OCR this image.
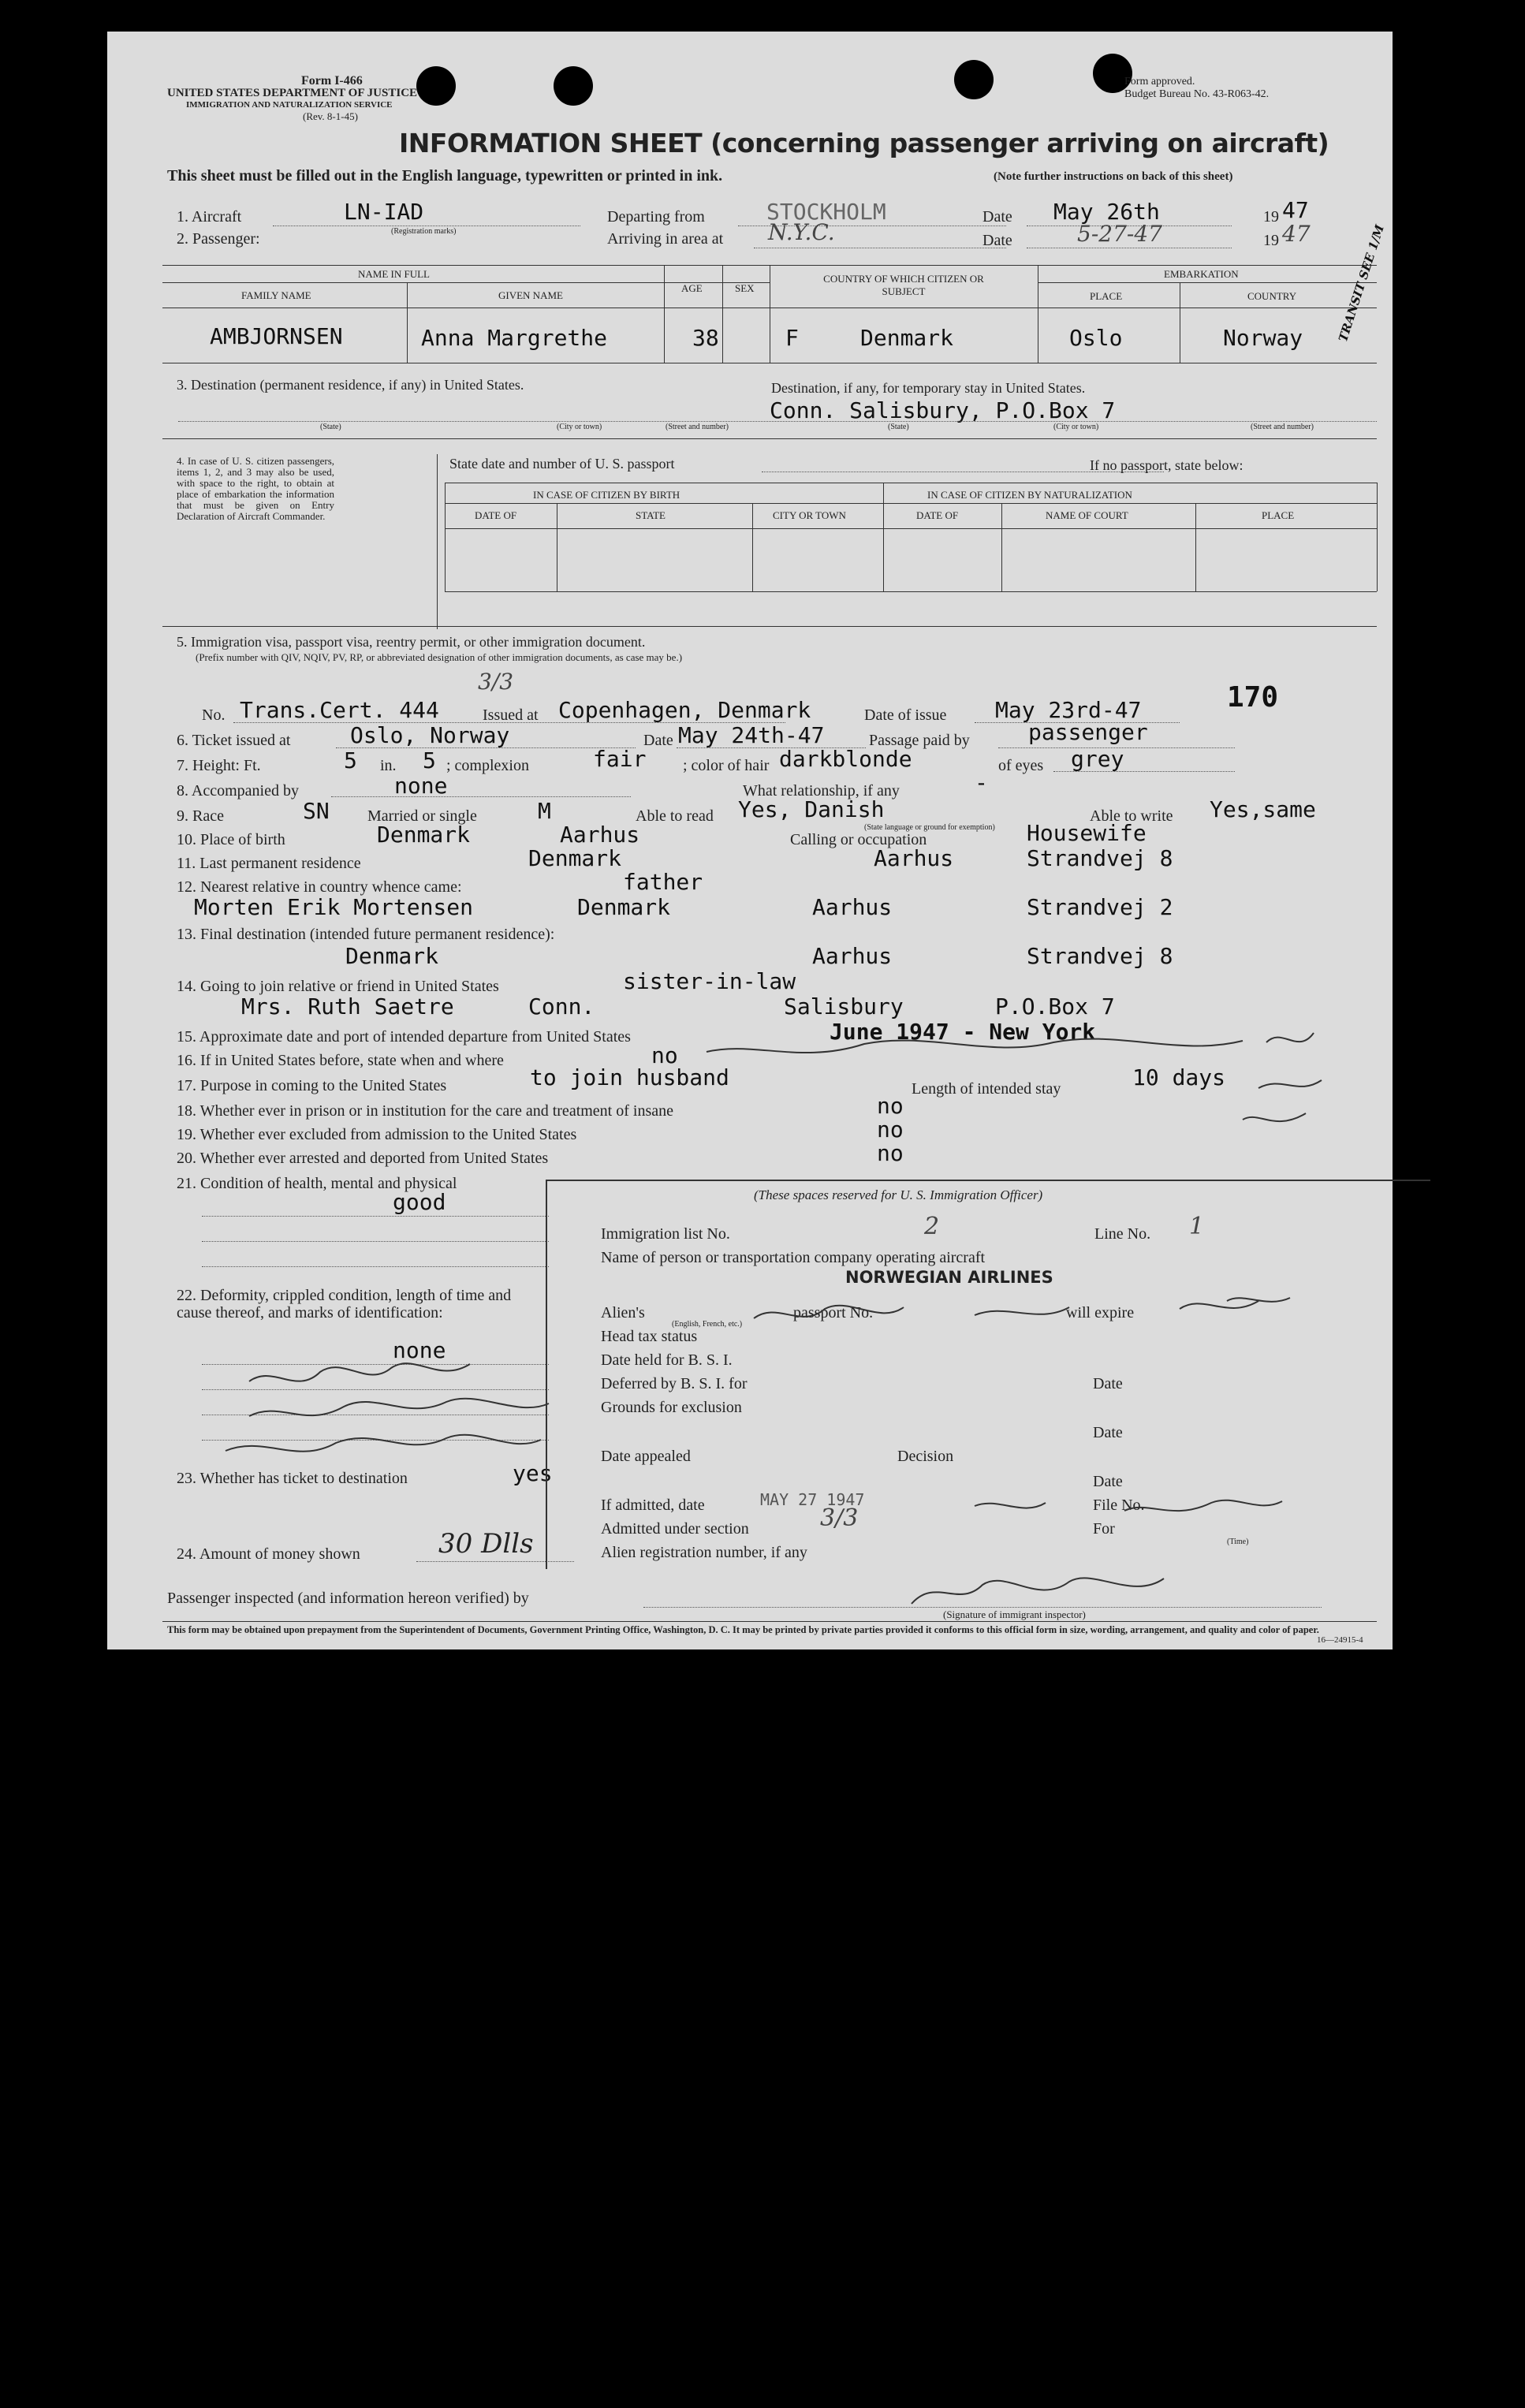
Form I-466
UNITED STATES DEPARTMENT OF JUSTICE
IMMIGRATION AND NATURALIZATION SERVICE
(Rev. 8-1-45)
Form approved.
Budget Bureau No. 43-R063-42.
INFORMATION SHEET (concerning passenger arriving on aircraft)
This sheet must be filled out in the English language, typewritten or printed in ink.	(Note further instructions on back of this sheet)
1. Aircraft	LN-IAD
(Registration marks)
Departing from	STOCKHOLM	Date May 26th	19 47
2. Passenger:	Arriving in area at N.Y.C.	Date	5-27-47	19 47
NAME IN FULL
FAMILY NAME	GIVEN NAME
AGE	SEX
COUNTRY OF WHICH CITIZEN OR SUBJECT
EMBARKATION
PLACE	COUNTRY
AMBJORNSEN	Anna Margrethe	38	F	Denmark	Oslo	Norway	TRANSIT SEE 1/M
3. Destination (permanent residence, if any) in United States.	Destination, if any, for temporary stay in United States.
Conn. Salisbury, P.O.Box 7
(State)	(City or town)	(Street and number)	(State)	(City or town)	(Street and number)
4. In case of U. S. citizen passengers, items 1, 2, and 3 may also be used, with space to the right, to obtain at place of embarkation the information that must be given on Entry Declaration of Aircraft Commander.
State date and number of U. S. passport	If no passport, state below:
IN CASE OF CITIZEN BY BIRTH	IN CASE OF CITIZEN BY NATURALIZATION
DATE OF	STATE	CITY OR TOWN	DATE OF	NAME OF COURT	PLACE
5. Immigration visa, passport visa, reentry permit, or other immigration document.
(Prefix number with QIV, NQIV, PV, RP, or abbreviated designation of other immigration documents, as case may be.)
No. Trans.Cert. 444
3/3
Issued at Copenhagen, Denmark	Date of issue May 23rd-47	170
6. Ticket issued at	Oslo, Norway	Date May 24th-47	Passage paid by	passenger
7. Height: Ft.	5 in. 5 ; complexion	fair ; color of hair darkblonde	of eyes grey
8. Accompanied by	none	What relationship, if any	-
9. Race	SN Married or single	M	Able to read Yes, Danish
(State language or ground for exemption)
Able to write Yes,same
10. Place of birth	Denmark	Aarhus	Calling or occupation	Housewife
11. Last permanent residence	Denmark	Aarhus	Strandvej 8
12. Nearest relative in country whence came:	father
Morten Erik Mortensen	Denmark	Aarhus	Strandvej 2
13. Final destination (intended future permanent residence):
Denmark	Aarhus	Strandvej 8
14. Going to join relative or friend in United States	sister-in-law
Mrs. Ruth Saetre	Conn.	Salisbury	P.O.Box 7
15. Approximate date and port of intended departure from United States	June 1947 - New York
16. If in United States before, state when and where	no
17. Purpose in coming to the United States	to join husband	Length of intended stay	10 days
18. Whether ever in prison or in institution for the care and treatment of insane	no
19. Whether ever excluded from admission to the United States	no
20. Whether ever arrested and deported from United States	no
21. Condition of health, mental and physical
good
22. Deformity, crippled condition, length of time and cause thereof, and marks of identification:
none
23. Whether has ticket to destination	yes
24. Amount of money shown	30 Dlls
(These spaces reserved for U. S. Immigration Officer)
Immigration list No.	2	Line No. 1
Name of person or transportation company operating aircraft
NORWEGIAN AIRLINES
Alien's
(English, French, etc.)
passport No.	will expire
Head tax status
Date held for B. S. I.
Deferred by B. S. I. for	Date
Grounds for exclusion
Date
Date appealed	Decision
Date
If admitted, date	MAY 27 1947	File No.
Admitted under section	3/3	For
(Time)
Alien registration number, if any
Passenger inspected (and information hereon verified) by
(Signature of immigrant inspector)
This form may be obtained upon prepayment from the Superintendent of Documents, Government Printing Office, Washington, D. C. It may be printed by private parties provided it conforms to this official form in size, wording, arrangement, and quality and color of paper.
16—24915-4
